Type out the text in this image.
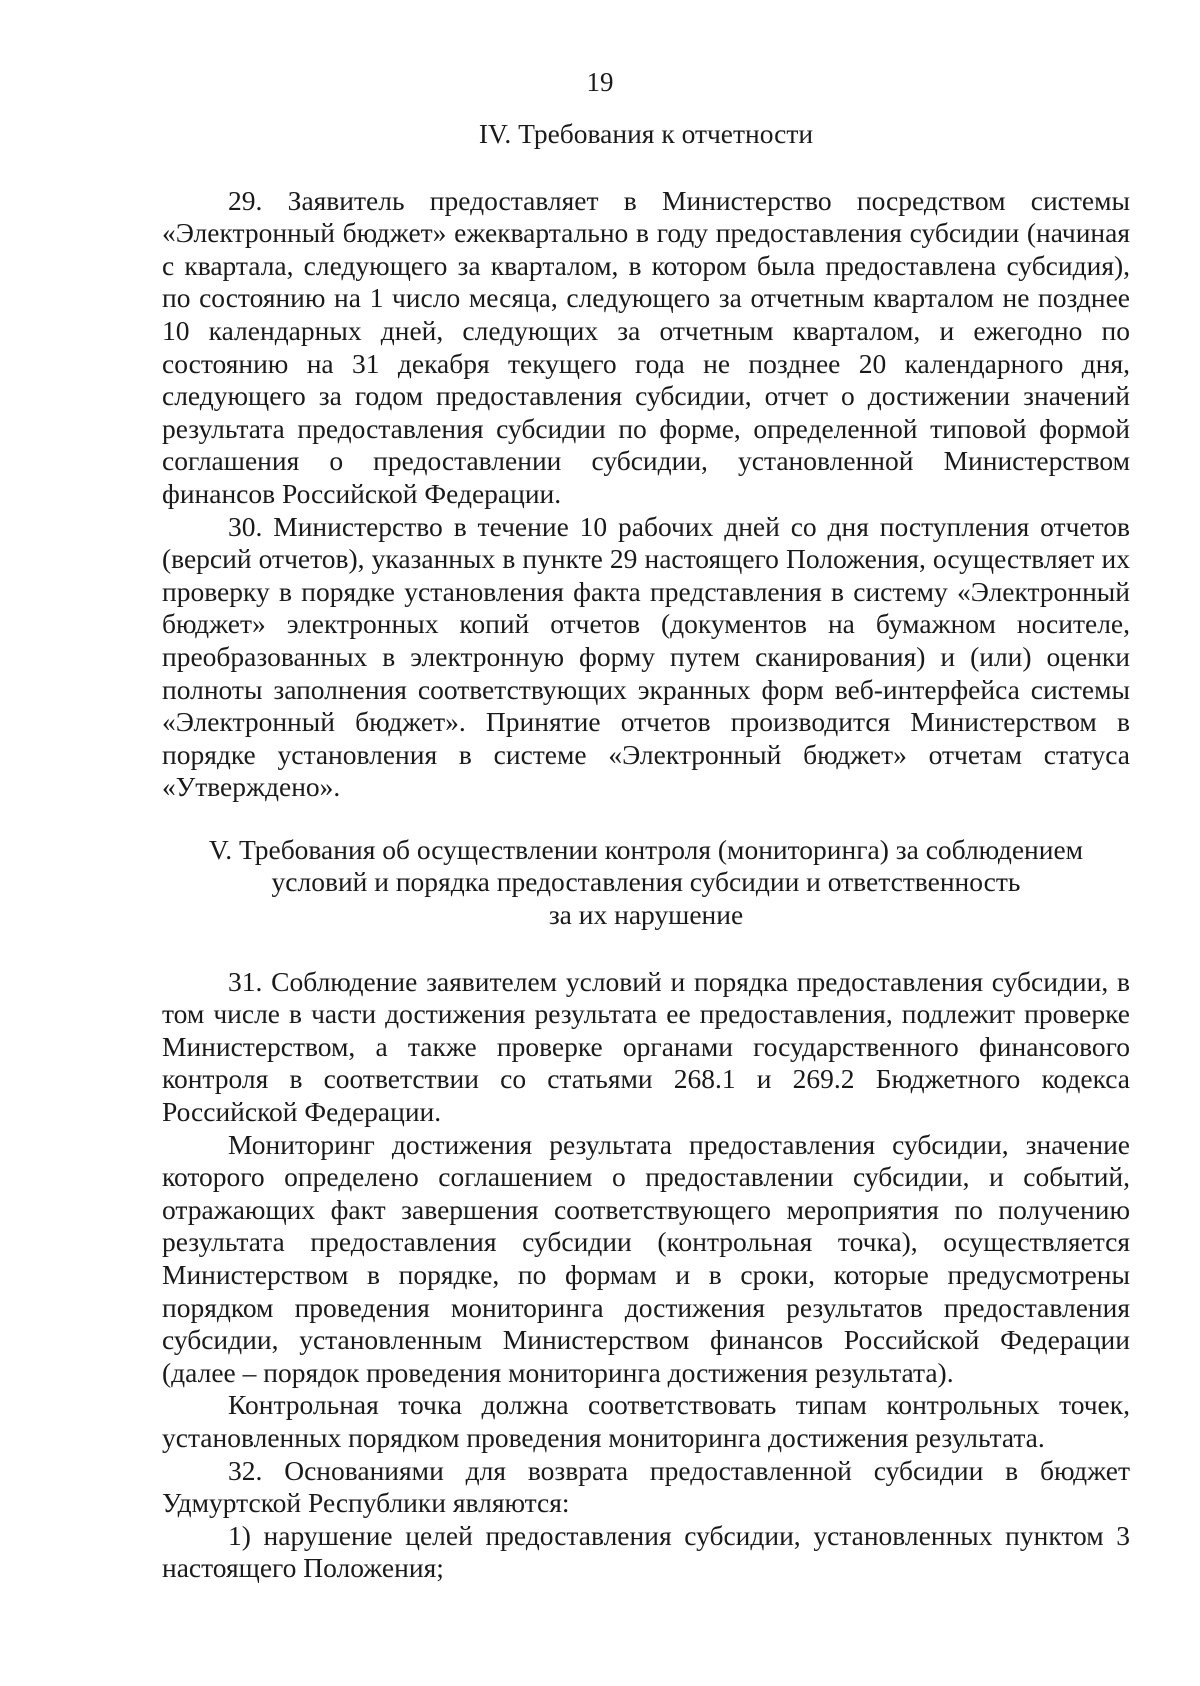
19

IV. Требования к отчетности

29. Заявитель предоставляет в Министерство посредством системы «Электронный бюджет» ежеквартально в году предоставления субсидии (начиная с квартала, следующего за кварталом, в котором была предоставлена субсидия), по состоянию на 1 число месяца, следующего за отчетным кварталом не позднее 10 календарных дней, следующих за отчетным кварталом, и ежегодно по состоянию на 31 декабря текущего года не позднее 20 календарного дня, следующего за годом предоставления субсидии, отчет о достижении значений результата предоставления субсидии по форме, определенной типовой формой соглашения о предоставлении субсидии, установленной Министерством финансов Российской Федерации.

30. Министерство в течение 10 рабочих дней со дня поступления отчетов (версий отчетов), указанных в пункте 29 настоящего Положения, осуществляет их проверку в порядке установления факта представления в систему «Электронный бюджет» электронных копий отчетов (документов на бумажном носителе, преобразованных в электронную форму путем сканирования) и (или) оценки полноты заполнения соответствующих экранных форм веб-интерфейса системы «Электронный бюджет». Принятие отчетов производится Министерством в порядке установления в системе «Электронный бюджет» отчетам статуса «Утверждено».

V. Требования об осуществлении контроля (мониторинга) за соблюдением
условий и порядка предоставления субсидии и ответственность
за их нарушение

31. Соблюдение заявителем условий и порядка предоставления субсидии, в том числе в части достижения результата ее предоставления, подлежит проверке Министерством, а также проверке органами государственного финансового контроля в соответствии со статьями 268.1 и 269.2 Бюджетного кодекса Российской Федерации.

Мониторинг достижения результата предоставления субсидии, значение которого определено соглашением о предоставлении субсидии, и событий, отражающих факт завершения соответствующего мероприятия по получению результата предоставления субсидии (контрольная точка), осуществляется Министерством в порядке, по формам и в сроки, которые предусмотрены порядком проведения мониторинга достижения результатов предоставления субсидии, установленным Министерством финансов Российской Федерации (далее – порядок проведения мониторинга достижения результата).

Контрольная точка должна соответствовать типам контрольных точек, установленных порядком проведения мониторинга достижения результата.

32. Основаниями для возврата предоставленной субсидии в бюджет Удмуртской Республики являются:

1) нарушение целей предоставления субсидии, установленных пунктом 3 настоящего Положения;
